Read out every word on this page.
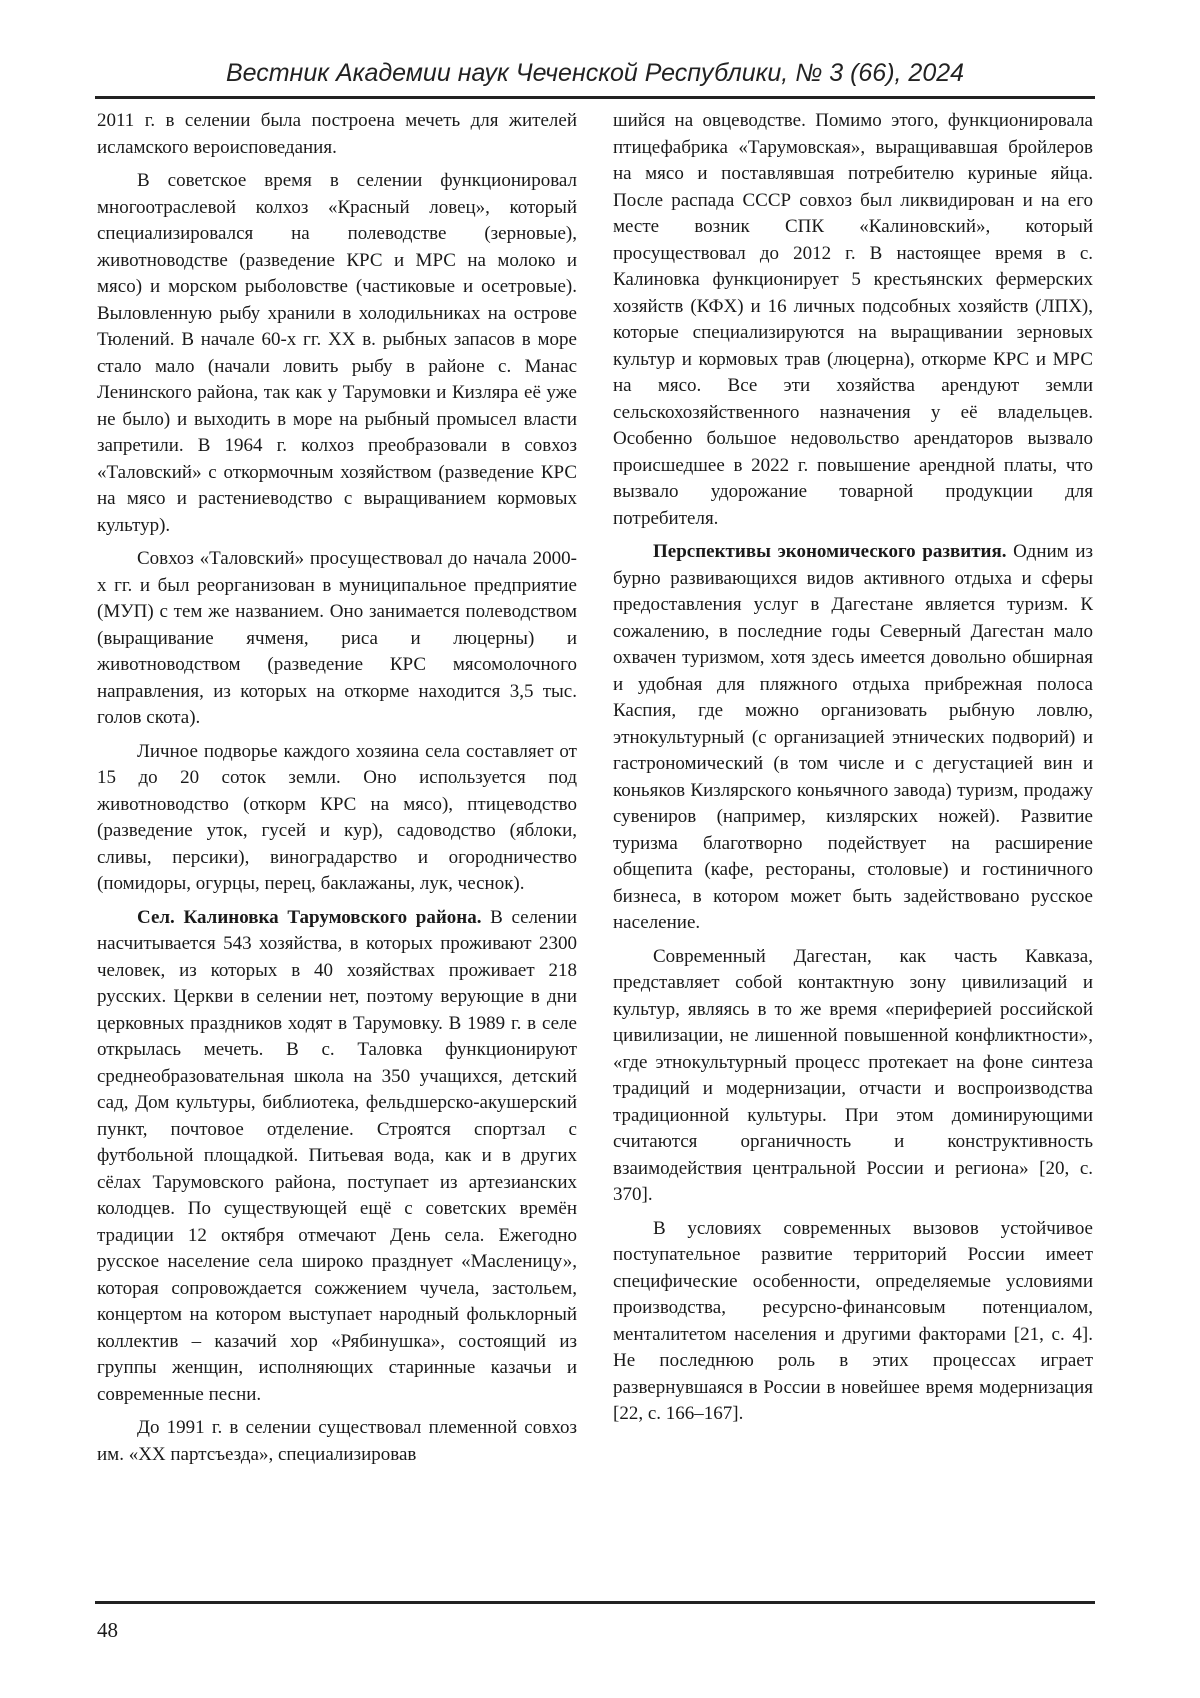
Вестник Академии наук Чеченской Республики, № 3 (66), 2024

2011 г. в селении была построена мечеть для жителей исламского вероисповедания.

В советское время в селении функционировал многоотраслевой колхоз «Красный ловец», который специализировался на полеводстве (зерновые), животноводстве (разведение КРС и МРС на молоко и мясо) и морском рыболовстве (частиковые и осетровые). Выловленную рыбу хранили в холодильниках на острове Тюлений. В начале 60-х гг. XX в. рыбных запасов в море стало мало (начали ловить рыбу в районе с. Манас Ленинского района, так как у Тарумовки и Кизляра её уже не было) и выходить в море на рыбный промысел власти запретили. В 1964 г. колхоз преобразовали в совхоз «Таловский» с откормочным хозяйством (разведение КРС на мясо и растениеводство с выращиванием кормовых культур).

Совхоз «Таловский» просуществовал до начала 2000-х гг. и был реорганизован в муниципальное предприятие (МУП) с тем же названием. Оно занимается полеводством (выращивание ячменя, риса и люцерны) и животноводством (разведение КРС мясомолочного направления, из которых на откорме находится 3,5 тыс. голов скота).

Личное подворье каждого хозяина села составляет от 15 до 20 соток земли. Оно используется под животноводство (откорм КРС на мясо), птицеводство (разведение уток, гусей и кур), садоводство (яблоки, сливы, персики), виноградарство и огородничество (помидоры, огурцы, перец, баклажаны, лук, чеснок).

Сел. Калиновка Тарумовского района. В селении насчитывается 543 хозяйства, в которых проживают 2300 человек, из которых в 40 хозяйствах проживает 218 русских. Церкви в селении нет, поэтому верующие в дни церковных праздников ходят в Тарумовку. В 1989 г. в селе открылась мечеть. В с. Таловка функционируют среднеобразовательная школа на 350 учащихся, детский сад, Дом культуры, библиотека, фельдшерско-акушерский пункт, почтовое отделение. Строятся спортзал с футбольной площадкой. Питьевая вода, как и в других сёлах Тарумовского района, поступает из артезианских колодцев. По существующей ещё с советских времён традиции 12 октября отмечают День села. Ежегодно русское население села широко празднует «Масленицу», которая сопровождается сожжением чучела, застольем, концертом на котором выступает народный фольклорный коллектив – казачий хор «Рябинушка», состоящий из группы женщин, исполняющих старинные казачьи и современные песни.

До 1991 г. в селении существовал племенной совхоз им. «XX партсъезда», специализировав

шийся на овцеводстве. Помимо этого, функционировала птицефабрика «Тарумовская», выращивавшая бройлеров на мясо и поставлявшая потребителю куриные яйца. После распада СССР совхоз был ликвидирован и на его месте возник СПК «Калиновский», который просуществовал до 2012 г. В настоящее время в с. Калиновка функционирует 5 крестьянских фермерских хозяйств (КФХ) и 16 личных подсобных хозяйств (ЛПХ), которые специализируются на выращивании зерновых культур и кормовых трав (люцерна), откорме КРС и МРС на мясо. Все эти хозяйства арендуют земли сельскохозяйственного назначения у её владельцев. Особенно большое недовольство арендаторов вызвало происшедшее в 2022 г. повышение арендной платы, что вызвало удорожание товарной продукции для потребителя.

Перспективы экономического развития. Одним из бурно развивающихся видов активного отдыха и сферы предоставления услуг в Дагестане является туризм. К сожалению, в последние годы Северный Дагестан мало охвачен туризмом, хотя здесь имеется довольно обширная и удобная для пляжного отдыха прибрежная полоса Каспия, где можно организовать рыбную ловлю, этнокультурный (с организацией этнических подворий) и гастрономический (в том числе и с дегустацией вин и коньяков Кизлярского коньячного завода) туризм, продажу сувениров (например, кизлярских ножей). Развитие туризма благотворно подействует на расширение общепита (кафе, рестораны, столовые) и гостиничного бизнеса, в котором может быть задействовано русское население.

Современный Дагестан, как часть Кавказа, представляет собой контактную зону цивилизаций и культур, являясь в то же время «периферией российской цивилизации, не лишенной повышенной конфликтности», «где этнокультурный процесс протекает на фоне синтеза традиций и модернизации, отчасти и воспроизводства традиционной культуры. При этом доминирующими считаются органичность и конструктивность взаимодействия центральной России и региона» [20, с. 370].

В условиях современных вызовов устойчивое поступательное развитие территорий России имеет специфические особенности, определяемые условиями производства, ресурсно-финансовым потенциалом, менталитетом населения и другими факторами [21, с. 4]. Не последнюю роль в этих процессах играет развернувшаяся в России в новейшее время модернизация [22, с. 166–167].

48
